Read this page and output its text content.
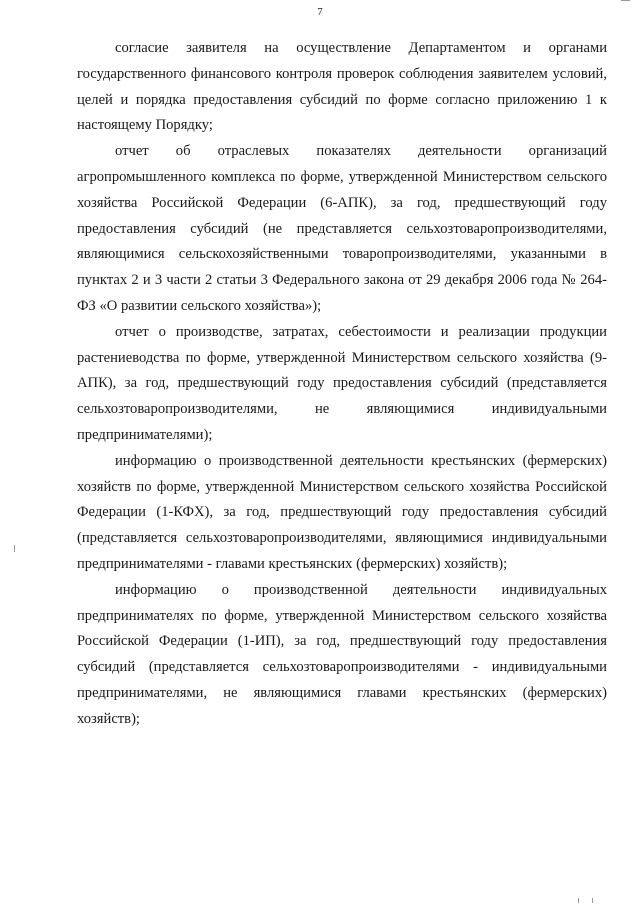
7

согласие заявителя на осуществление Департаментом и органами государственного финансового контроля проверок соблюдения заявителем условий, целей и порядка предоставления субсидий по форме согласно приложению 1 к настоящему Порядку;

отчет об отраслевых показателях деятельности организаций агропромышленного комплекса по форме, утвержденной Министерством сельского хозяйства Российской Федерации (6-АПК), за год, предшествующий году предоставления субсидий (не представляется сельхозтоваропроизводителями, являющимися сельскохозяйственными товаропроизводителями, указанными в пунктах 2 и 3 части 2 статьи 3 Федерального закона от 29 декабря 2006 года № 264-ФЗ «О развитии сельского хозяйства»);

отчет о производстве, затратах, себестоимости и реализации продукции растениеводства по форме, утвержденной Министерством сельского хозяйства (9-АПК), за год, предшествующий году предоставления субсидий (представляется сельхозтоваропроизводителями, не являющимися индивидуальными предпринимателями);

информацию о производственной деятельности крестьянских (фермерских) хозяйств по форме, утвержденной Министерством сельского хозяйства Российской Федерации (1-КФХ), за год, предшествующий году предоставления субсидий (представляется сельхозтоваропроизводителями, являющимися индивидуальными предпринимателями - главами крестьянских (фермерских) хозяйств);

информацию о производственной деятельности индивидуальных предпринимателях по форме, утвержденной Министерством сельского хозяйства Российской Федерации (1-ИП), за год, предшествующий году предоставления субсидий (представляется сельхозтоваропроизводителями - индивидуальными предпринимателями, не являющимися главами крестьянских (фермерских) хозяйств);
